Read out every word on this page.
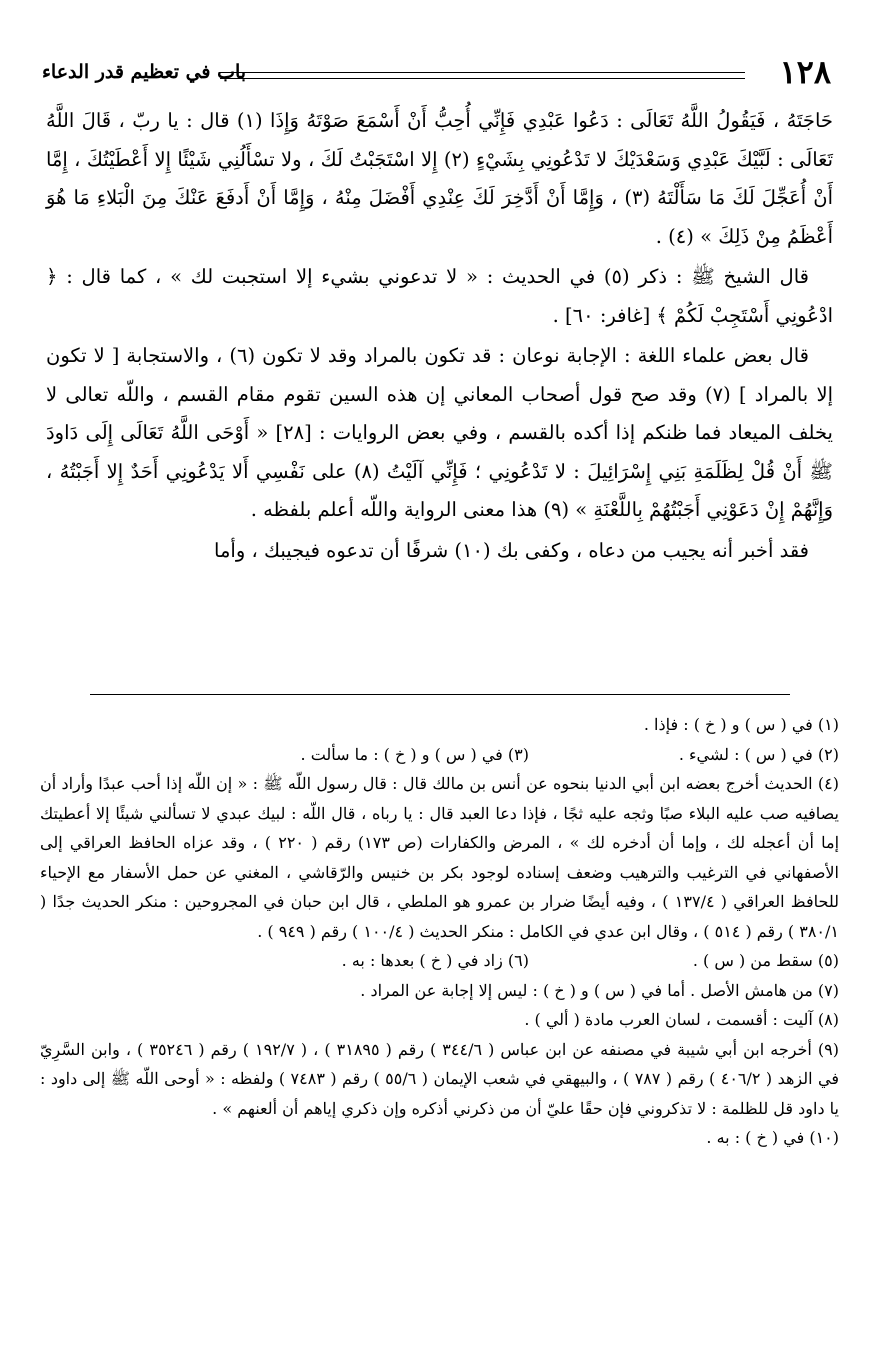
١٢٨
باب في تعظيم قدر الدعاء

حَاجَتَهُ ، فَيَقُولُ اللَّهُ تَعَالَى : دَعُوا عَبْدِي فَإِنِّي أُحِبُّ أَنْ أَسْمَعَ صَوْتَهُ وَإِذَا (١) قال : يا ربّ ، قَالَ اللَّهُ تَعَالَى : لَبَّيْكَ عَبْدِي وَسَعْدَيْكَ لا تَدْعُونِي بِشَيْءٍ (٢) إِلا اسْتَجَبْتُ لَكَ ، ولا تسْأَلُنِي شَيْئًا إِلا أَعْطَيْتُكَ ، إِمَّا أَنْ أُعَجِّلَ لَكَ مَا سَأَلْتَهُ (٣) ، وَإِمَّا أَنْ أَدَّخِرَ لَكَ عِنْدِي أَفْضَلَ مِنْهُ ، وَإِمَّا أَنْ أَدفَعَ عَنْكَ مِنَ الْبَلاءِ مَا هُوَ أَعْظَمُ مِنْ ذَلِكَ » (٤) .

قال الشيخ ﷺ : ذكر (٥) في الحديث : « لا تدعوني بشيء إلا استجبت لك » ، كما قال : ﴿ ادْعُونِي أَسْتَجِبْ لَكُمْ ﴾ [غافر: ٦٠] .

قال بعض علماء اللغة : الإجابة نوعان : قد تكون بالمراد وقد لا تكون (٦) ، والاستجابة [ لا تكون إلا بالمراد ] (٧) وقد صح قول أصحاب المعاني إن هذه السين تقوم مقام القسم ، واللّه تعالى لا يخلف الميعاد فما ظنكم إذا أكده بالقسم ، وفي بعض الروايات : [٢٨] « أَوْحَى اللَّهُ تَعَالَى إِلَى دَاودَ ﷺ أَنْ قُلْ لِظَلَمَةِ بَنِي إِسْرَائِيلَ : لا تَدْعُونِي ؛ فَإِنِّي آلَيْتُ (٨) على نَفْسِي أَلا يَدْعُونِي أَحَدٌ إِلا أَجَبْتُهُ ، وَإِنَّهُمْ إِنْ دَعَوْنِي أَجَبْتُهُمْ بِاللَّعْنَةِ » (٩) هذا معنى الرواية واللّه أعلم بلفظه .

فقد أخبر أنه يجيب من دعاه ، وكفى بك (١٠) شرفًا أن تدعوه فيجيبك ، وأما

(١) في ( س ) و ( خ ) : فإذا .

(٢) في ( س ) : لشيء .
(٣) في ( س ) و ( خ ) : ما سألت .

(٤) الحديث أخرج بعضه ابن أبي الدنيا بنحوه عن أنس بن مالك قال : قال رسول اللّه ﷺ : « إن اللّه إذا أحب عبدًا وأراد أن يصافيه صب عليه البلاء صبًا وثجه عليه ثجًا ، فإذا دعا العبد قال : يا رباه ، قال اللّه : لبيك عبدي لا تسألني شيئًا إلا أعطيتك إما أن أعجله لك ، وإما أن أدخره لك » ، المرض والكفارات (ص ١٧٣) رقم ( ٢٢٠ ) ، وقد عزاه الحافظ العراقي إلى الأصفهاني في الترغيب والترهيب وضعف إسناده لوجود بكر بن خنيس والرّقاشي ، المغني عن حمل الأسفار مع الإحياء للحافظ العراقي ( ١٣٧/٤ ) ، وفيه أيضًا ضرار بن عمرو هو الملطي ، قال ابن حبان في المجروحين : منكر الحديث جدًا ( ٣٨٠/١ ) رقم ( ٥١٤ ) ، وقال ابن عدي في الكامل : منكر الحديث ( ١٠٠/٤ ) رقم ( ٩٤٩ ) .

(٥) سقط من ( س ) .
(٦) زاد في ( خ ) بعدها : به .

(٧) من هامش الأصل . أما في ( س ) و ( خ ) : ليس إلا إجابة عن المراد .

(٨) آليت : أقسمت ، لسان العرب مادة ( ألي ) .

(٩) أخرجه ابن أبي شيبة في مصنفه عن ابن عباس ( ٣٤٤/٦ ) رقم ( ٣١٨٩٥ ) ، ( ١٩٢/٧ ) رقم ( ٣٥٢٤٦ ) ، وابن السَّرِيّ في الزهد ( ٤٠٦/٢ ) رقم ( ٧٨٧ ) ، والبيهقي في شعب الإيمان ( ٥٥/٦ ) رقم ( ٧٤٨٣ ) ولفظه : « أوحى اللّه ﷺ إلى داود : يا داود قل للظلمة : لا تذكروني فإن حقًا عليّ أن من ذكرني أذكره وإن ذكري إياهم أن ألعنهم » .

(١٠) في ( خ ) : به .
